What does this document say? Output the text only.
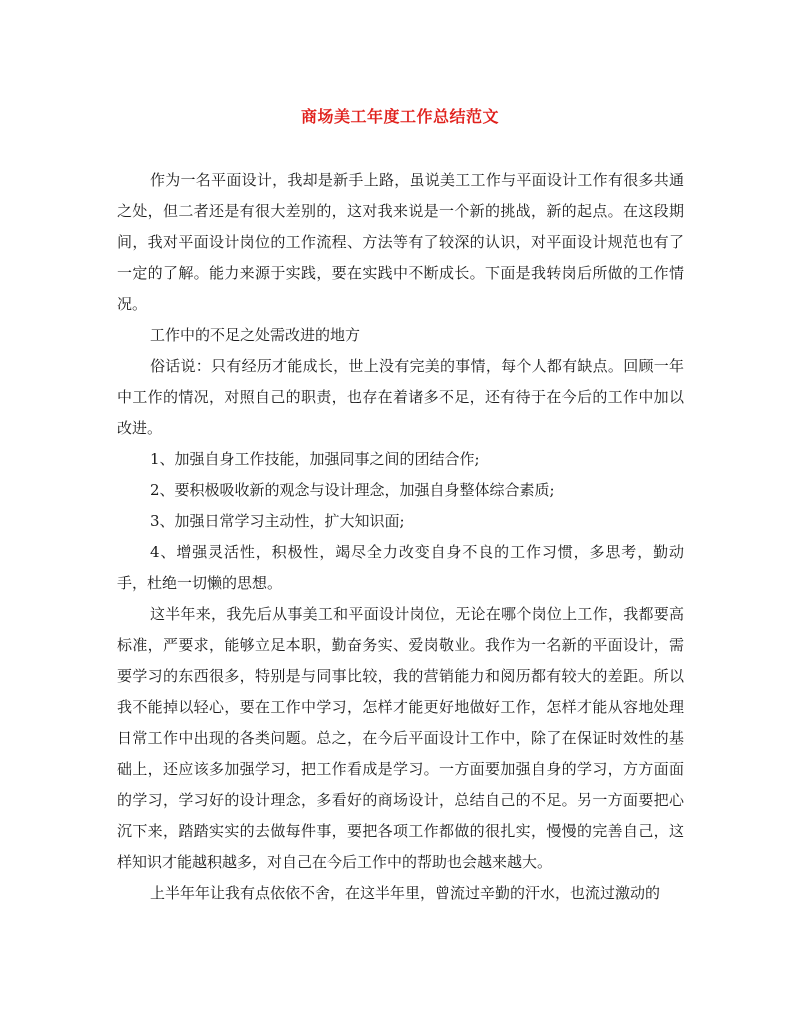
商场美工年度工作总结范文

作为一名平面设计，我却是新手上路，虽说美工工作与平面设计工作有很多共通之处，但二者还是有很大差别的，这对我来说是一个新的挑战，新的起点。在这段期间，我对平面设计岗位的工作流程、方法等有了较深的认识，对平面设计规范也有了一定的了解。能力来源于实践，要在实践中不断成长。下面是我转岗后所做的工作情况。

工作中的不足之处需改进的地方

俗话说：只有经历才能成长，世上没有完美的事情，每个人都有缺点。回顾一年中工作的情况，对照自己的职责，也存在着诸多不足，还有待于在今后的工作中加以改进。

1、加强自身工作技能，加强同事之间的团结合作;

2、要积极吸收新的观念与设计理念，加强自身整体综合素质;

3、加强日常学习主动性，扩大知识面;

4、增强灵活性，积极性，竭尽全力改变自身不良的工作习惯，多思考，勤动手，杜绝一切懒的思想。

这半年来，我先后从事美工和平面设计岗位，无论在哪个岗位上工作，我都要高标准，严要求，能够立足本职，勤奋务实、爱岗敬业。我作为一名新的平面设计，需要学习的东西很多，特别是与同事比较，我的营销能力和阅历都有较大的差距。所以我不能掉以轻心，要在工作中学习，怎样才能更好地做好工作，怎样才能从容地处理日常工作中出现的各类问题。总之，在今后平面设计工作中，除了在保证时效性的基础上，还应该多加强学习，把工作看成是学习。一方面要加强自身的学习，方方面面的学习，学习好的设计理念，多看好的商场设计，总结自己的不足。另一方面要把心沉下来，踏踏实实的去做每件事，要把各项工作都做的很扎实，慢慢的完善自己，这样知识才能越积越多，对自己在今后工作中的帮助也会越来越大。

上半年年让我有点依依不舍，在这半年里，曾流过辛勤的汗水，也流过激动的
